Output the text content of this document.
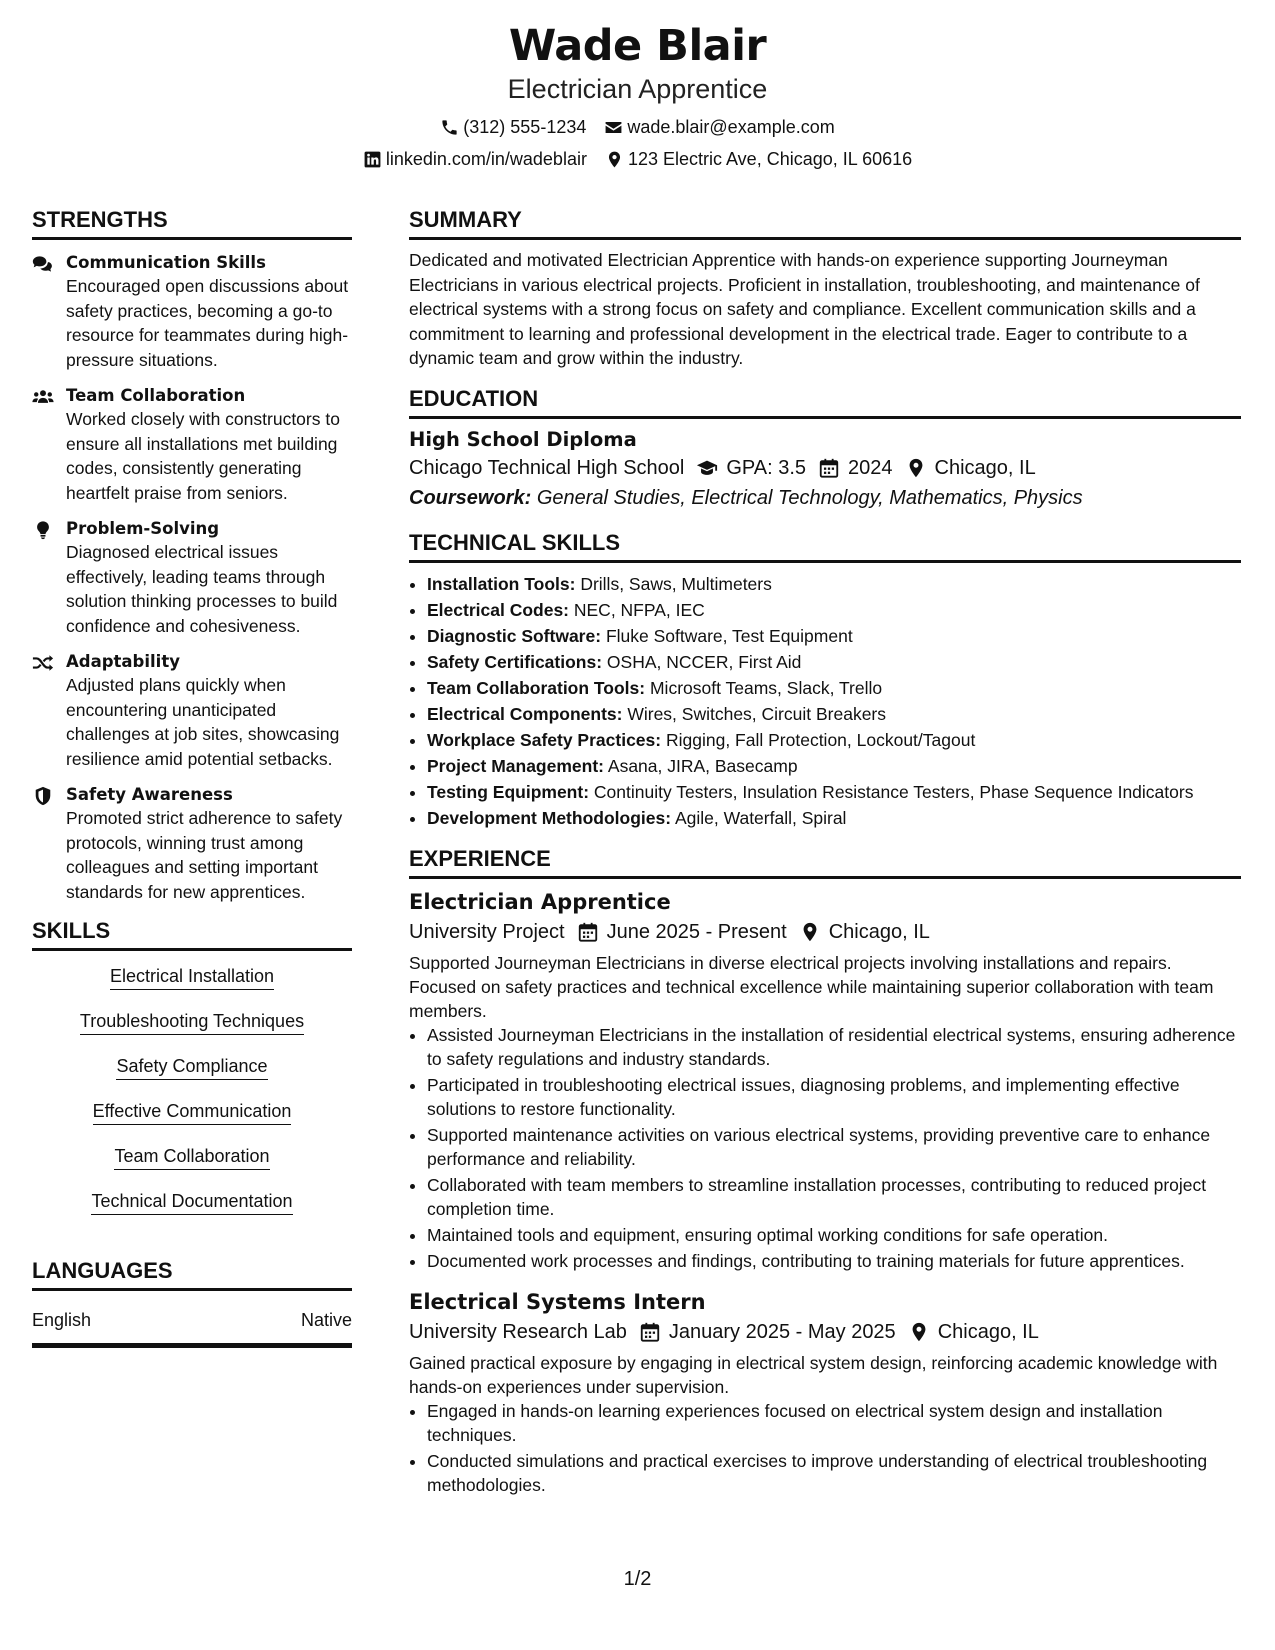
Wade Blair
Electrician Apprentice
(312) 555-1234 wade.blair@example.com
linkedin.com/in/wadeblair 123 Electric Ave, Chicago, IL 60616
STRENGTHS
Communication Skills
Encouraged open discussions about safety practices, becoming a go-to resource for teammates during high-pressure situations.
Team Collaboration
Worked closely with constructors to ensure all installations met building codes, consistently generating heartfelt praise from seniors.
Problem-Solving
Diagnosed electrical issues effectively, leading teams through solution thinking processes to build confidence and cohesiveness.
Adaptability
Adjusted plans quickly when encountering unanticipated challenges at job sites, showcasing resilience amid potential setbacks.
Safety Awareness
Promoted strict adherence to safety protocols, winning trust among colleagues and setting important standards for new apprentices.
SKILLS
Electrical Installation
Troubleshooting Techniques
Safety Compliance
Effective Communication
Team Collaboration
Technical Documentation
LANGUAGES
English	Native
SUMMARY
Dedicated and motivated Electrician Apprentice with hands-on experience supporting Journeyman Electricians in various electrical projects. Proficient in installation, troubleshooting, and maintenance of electrical systems with a strong focus on safety and compliance. Excellent communication skills and a commitment to learning and professional development in the electrical trade. Eager to contribute to a dynamic team and grow within the industry.
EDUCATION
High School Diploma
Chicago Technical High School GPA: 3.5 2024 Chicago, IL
Coursework: General Studies, Electrical Technology, Mathematics, Physics
TECHNICAL SKILLS
• Installation Tools: Drills, Saws, Multimeters
• Electrical Codes: NEC, NFPA, IEC
• Diagnostic Software: Fluke Software, Test Equipment
• Safety Certifications: OSHA, NCCER, First Aid
• Team Collaboration Tools: Microsoft Teams, Slack, Trello
• Electrical Components: Wires, Switches, Circuit Breakers
• Workplace Safety Practices: Rigging, Fall Protection, Lockout/Tagout
• Project Management: Asana, JIRA, Basecamp
• Testing Equipment: Continuity Testers, Insulation Resistance Testers, Phase Sequence Indicators
• Development Methodologies: Agile, Waterfall, Spiral
EXPERIENCE
Electrician Apprentice
University Project June 2025 - Present Chicago, IL
Supported Journeyman Electricians in diverse electrical projects involving installations and repairs. Focused on safety practices and technical excellence while maintaining superior collaboration with team members.
• Assisted Journeyman Electricians in the installation of residential electrical systems, ensuring adherence to safety regulations and industry standards.
• Participated in troubleshooting electrical issues, diagnosing problems, and implementing effective solutions to restore functionality.
• Supported maintenance activities on various electrical systems, providing preventive care to enhance performance and reliability.
• Collaborated with team members to streamline installation processes, contributing to reduced project completion time.
• Maintained tools and equipment, ensuring optimal working conditions for safe operation.
• Documented work processes and findings, contributing to training materials for future apprentices.
Electrical Systems Intern
University Research Lab January 2025 - May 2025 Chicago, IL
Gained practical exposure by engaging in electrical system design, reinforcing academic knowledge with hands-on experiences under supervision.
• Engaged in hands-on learning experiences focused on electrical system design and installation techniques.
• Conducted simulations and practical exercises to improve understanding of electrical troubleshooting methodologies.
1/2
